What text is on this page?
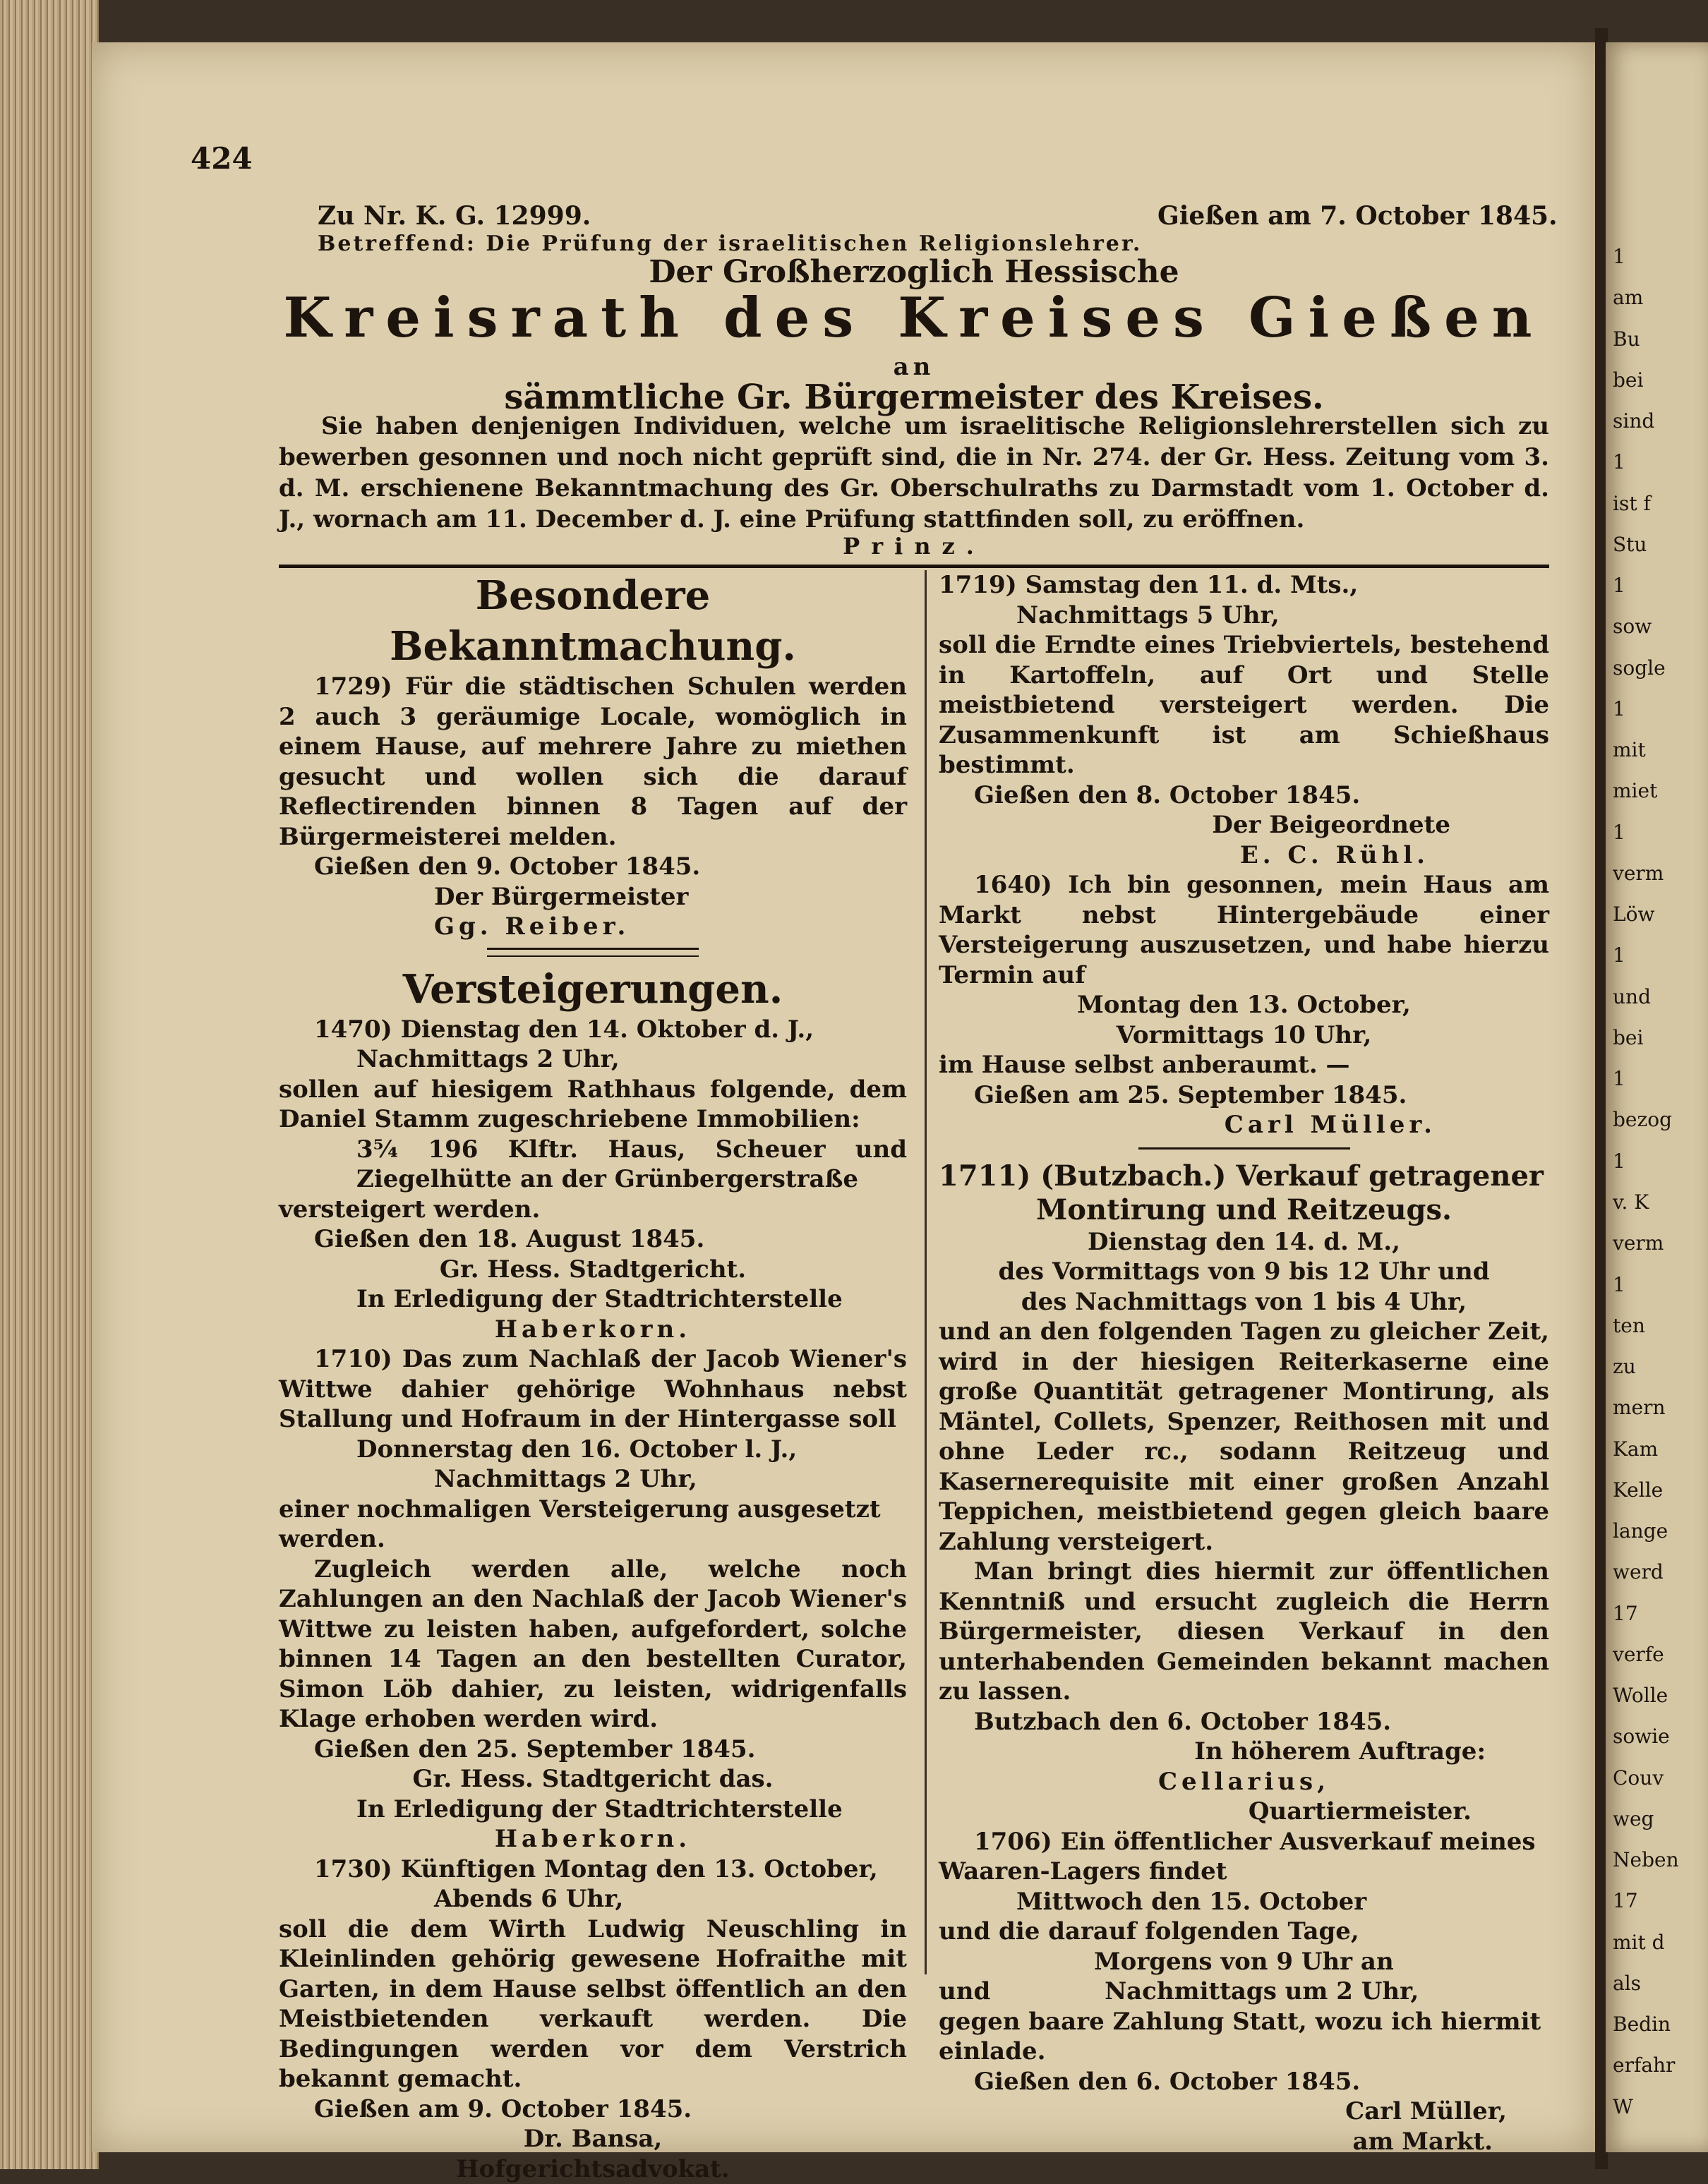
1
am
Bu
bei
sind
1
ist f
Stu
1
sow
sogle
1
mit
miet
1
verm
Löw
1
und
bei
1
bezog
1
v. K
verm
1
ten
zu
mern
Kam
Kelle
lange
werd
17
verfe
Wolle
sowie
Couv
weg
Neben
17
mit d
als
Bedin
erfahr
W
424
Zu Nr. K. G. 12999.	Gießen am 7. October 1845.
Betreffend: Die Prüfung der israelitischen Religionslehrer.
Der Großherzoglich Hessische
Kreisrath des Kreises Gießen
an
sämmtliche Gr. Bürgermeister des Kreises.
Sie haben denjenigen Individuen, welche um israelitische Religionslehrerstellen sich zu bewerben gesonnen und noch nicht geprüft sind, die in Nr. 274. der Gr. Hess. Zeitung vom 3. d. M. erschienene Bekanntmachung des Gr. Oberschulraths zu Darmstadt vom 1. October d. J., wornach am 11. December d. J. eine Prüfung stattfinden soll, zu eröffnen.
Prinz.

Besondere Bekanntmachung.

1729) Für die städtischen Schulen werden 2 auch 3 geräumige Locale, womöglich in einem Hause, auf mehrere Jahre zu miethen gesucht und wollen sich die darauf Reflectirenden binnen 8 Tagen auf der Bürgermeisterei melden.

Gießen den 9. October 1845.

Der Bürgermeister

Gg. Reiber.

Versteigerungen.

1470) Dienstag den 14. Oktober d. J.,

Nachmittags 2 Uhr,

sollen auf hiesigem Rathhaus folgende, dem Daniel Stamm zugeschriebene Immobilien:

3⁵⁄₄ 196 Klftr. Haus, Scheuer und Ziegelhütte an der Grünbergerstraße

versteigert werden.

Gießen den 18. August 1845.

Gr. Hess. Stadtgericht.

In Erledigung der Stadtrichterstelle

Haberkorn.

1710) Das zum Nachlaß der Jacob Wiener's Wittwe dahier gehörige Wohnhaus nebst Stallung und Hofraum in der Hintergasse soll

Donnerstag den 16. October l. J.,

Nachmittags 2 Uhr,

einer nochmaligen Versteigerung ausgesetzt werden.

Zugleich werden alle, welche noch Zahlungen an den Nachlaß der Jacob Wiener's Wittwe zu leisten haben, aufgefordert, solche binnen 14 Tagen an den bestellten Curator, Simon Löb dahier, zu leisten, widrigenfalls Klage erhoben werden wird.

Gießen den 25. September 1845.

Gr. Hess. Stadtgericht das.

In Erledigung der Stadtrichterstelle

Haberkorn.

1730) Künftigen Montag den 13. October,

Abends 6 Uhr,

soll die dem Wirth Ludwig Neuschling in Kleinlinden gehörig gewesene Hofraithe mit Garten, in dem Hause selbst öffentlich an den Meistbietenden verkauft werden. Die Bedingungen werden vor dem Verstrich bekannt gemacht.

Gießen am 9. October 1845.

Dr. Bansa,

Hofgerichtsadvokat.

1719) Samstag den 11. d. Mts.,

Nachmittags 5 Uhr,

soll die Erndte eines Triebviertels, bestehend in Kartoffeln, auf Ort und Stelle meistbietend versteigert werden. Die Zusammenkunft ist am Schießhaus bestimmt.

Gießen den 8. October 1845.

Der Beigeordnete

E. C. Rühl.

1640) Ich bin gesonnen, mein Haus am Markt nebst Hintergebäude einer Versteigerung auszusetzen, und habe hierzu Termin auf

Montag den 13. October,

Vormittags 10 Uhr,

im Hause selbst anberaumt. —

Gießen am 25. September 1845.

Carl Müller.

1711) (Butzbach.) Verkauf getragener

Montirung und Reitzeugs.

Dienstag den 14. d. M.,

des Vormittags von 9 bis 12 Uhr und

des Nachmittags von 1 bis 4 Uhr,

und an den folgenden Tagen zu gleicher Zeit, wird in der hiesigen Reiterkaserne eine große Quantität getragener Montirung, als Mäntel, Collets, Spenzer, Reithosen mit und ohne Leder rc., sodann Reitzeug und Kasernerequisite mit einer großen Anzahl Teppichen, meistbietend gegen gleich baare Zahlung versteigert.

Man bringt dies hiermit zur öffentlichen Kenntniß und ersucht zugleich die Herrn Bürgermeister, diesen Verkauf in den unterhabenden Gemeinden bekannt machen zu lassen.

Butzbach den 6. October 1845.

In höherem Auftrage:

Cellarius,

Quartiermeister.

1706) Ein öffentlicher Ausverkauf meines Waaren-Lagers findet

Mittwoch den 15. October

und die darauf folgenden Tage,

Morgens von 9 Uhr an

und	Nachmittags um 2 Uhr,

gegen baare Zahlung Statt, wozu ich hiermit einlade.

Gießen den 6. October 1845.

Carl Müller,

am Markt.
